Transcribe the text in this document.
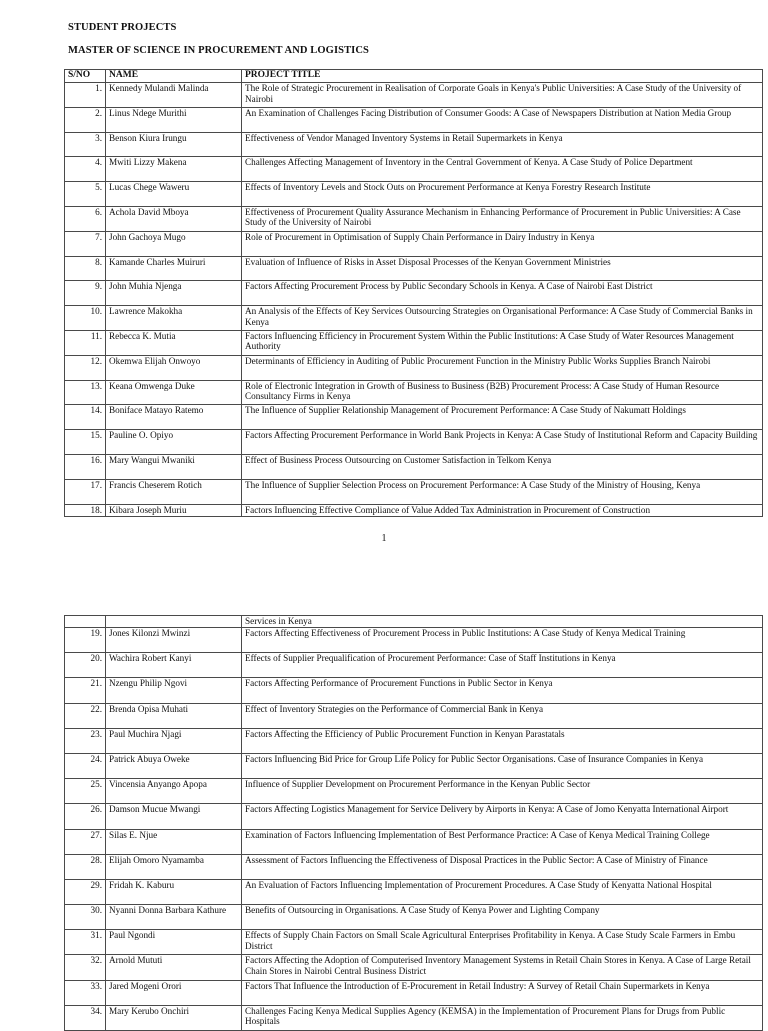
STUDENT PROJECTS
MASTER OF SCIENCE IN PROCUREMENT AND LOGISTICS
S/NO	NAME	PROJECT TITLE
1.	Kennedy Mulandi Malinda	The Role of Strategic Procurement in Realisation of Corporate Goals in Kenya's Public Universities: A Case Study of the University of Nairobi
2.	Linus Ndege Murithi	An Examination of Challenges Facing Distribution of Consumer Goods: A Case of Newspapers Distribution at Nation Media Group
3.	Benson Kiura Irungu	Effectiveness of Vendor Managed Inventory Systems in Retail Supermarkets in Kenya
4.	Mwiti Lizzy Makena	Challenges Affecting Management of Inventory in the Central Government of Kenya. A Case Study of Police Department
5.	Lucas Chege Waweru	Effects of Inventory Levels and Stock Outs on Procurement Performance at Kenya Forestry Research Institute
6.	Achola David Mboya	Effectiveness of Procurement Quality Assurance Mechanism in Enhancing Performance of Procurement in Public Universities: A Case Study of the University of Nairobi
7.	John Gachoya Mugo	Role of Procurement in Optimisation of Supply Chain Performance in Dairy Industry in Kenya
8.	Kamande Charles Muiruri	Evaluation of Influence of Risks in Asset Disposal Processes of the Kenyan Government Ministries
9.	John Muhia Njenga	Factors Affecting Procurement Process by Public Secondary Schools in Kenya. A Case of Nairobi East District
10.	Lawrence Makokha	An Analysis of the Effects of Key Services Outsourcing Strategies on Organisational Performance: A Case Study of Commercial Banks in Kenya
11.	Rebecca K. Mutia	Factors Influencing Efficiency in Procurement System Within the Public Institutions: A Case Study of Water Resources Management Authority
12.	Okemwa Elijah Onwoyo	Determinants of Efficiency in Auditing of Public Procurement Function in the Ministry Public Works Supplies Branch Nairobi
13.	Keana Omwenga Duke	Role of Electronic Integration in Growth of Business to Business (B2B) Procurement Process: A Case Study of Human Resource Consultancy Firms in Kenya
14.	Boniface Matayo Ratemo	The Influence of Supplier Relationship Management of Procurement Performance: A Case Study of Nakumatt Holdings
15.	Pauline O. Opiyo	Factors Affecting Procurement Performance in World Bank Projects in Kenya: A Case Study of Institutional Reform and Capacity Building
16.	Mary Wangui Mwaniki	Effect of Business Process Outsourcing on Customer Satisfaction in Telkom Kenya
17.	Francis Cheserem Rotich	The Influence of Supplier Selection Process on Procurement Performance: A Case Study of the Ministry of Housing, Kenya
18.	Kibara Joseph Muriu	Factors Influencing Effective Compliance of Value Added Tax Administration in Procurement of Construction
1
		Services in Kenya
19.	Jones Kilonzi Mwinzi	Factors Affecting Effectiveness of Procurement Process in Public Institutions: A Case Study of Kenya Medical Training
20.	Wachira Robert Kanyi	Effects of Supplier Prequalification of Procurement Performance: Case of Staff Institutions in Kenya
21.	Nzengu Philip Ngovi	Factors Affecting Performance of Procurement Functions in Public Sector in Kenya
22.	Brenda Opisa Muhati	Effect of Inventory Strategies on the Performance of Commercial Bank in Kenya
23.	Paul Muchira Njagi	Factors Affecting the Efficiency of Public Procurement Function in Kenyan Parastatals
24.	Patrick Abuya Oweke	Factors Influencing Bid Price for Group Life Policy for Public Sector Organisations. Case of Insurance Companies in Kenya
25.	Vincensia Anyango Apopa	Influence of Supplier Development on Procurement Performance in the Kenyan Public Sector
26.	Damson Mucue Mwangi	Factors Affecting Logistics Management for Service Delivery by Airports in Kenya: A Case of Jomo Kenyatta International Airport
27.	Silas E. Njue	Examination of Factors Influencing Implementation of Best Performance Practice: A Case of Kenya Medical Training College
28.	Elijah Omoro Nyamamba	Assessment of Factors Influencing the Effectiveness of Disposal Practices in the Public Sector: A Case of Ministry of Finance
29.	Fridah K. Kaburu	An Evaluation of Factors Influencing Implementation of Procurement Procedures. A Case Study of Kenyatta National Hospital
30.	Nyanni Donna Barbara Kathure	Benefits of Outsourcing in Organisations. A Case Study of Kenya Power and Lighting Company
31.	Paul Ngondi	Effects of Supply Chain Factors on Small Scale Agricultural Enterprises Profitability in Kenya. A Case Study Scale Farmers in Embu District
32.	Arnold Mututi	Factors Affecting the Adoption of Computerised Inventory Management Systems in Retail Chain Stores in Kenya. A Case of Large Retail Chain Stores in Nairobi Central Business District
33.	Jared Mogeni Orori	Factors That Influence the Introduction of E-Procurement in Retail Industry: A Survey of Retail Chain Supermarkets in Kenya
34.	Mary Kerubo Onchiri	Challenges Facing Kenya Medical Supplies Agency (KEMSA) in the Implementation of Procurement Plans for Drugs from Public Hospitals
